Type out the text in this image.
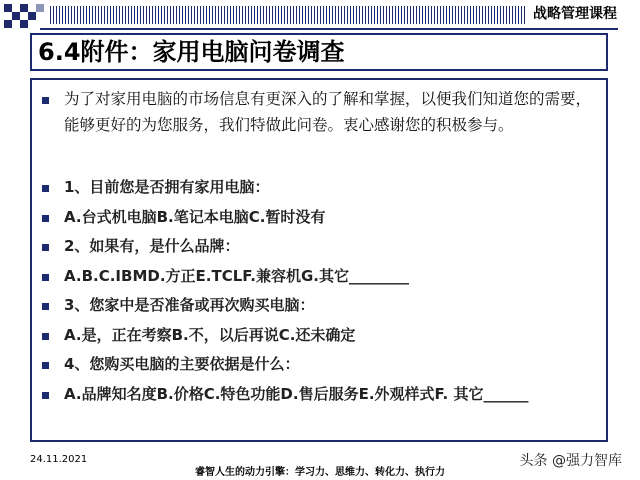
战略管理课程

6.4附件：家用电脑问卷调查
为了对家用电脑的市场信息有更深入的了解和掌握，以便我们知道您的需要，能够更好的为您服务，我们特做此问卷。衷心感谢您的积极参与。
1、目前您是否拥有家用电脑：
A.台式机电脑B.笔记本电脑C.暂时没有
2、如果有，是什么品牌：
A.B.C.IBMD.方正E.TCLF.兼容机G.其它________
3、您家中是否准备或再次购买电脑：
A.是，正在考察B.不，以后再说C.还未确定
4、您购买电脑的主要依据是什么：
A.品牌知名度B.价格C.特色功能D.售后服务E.外观样式F. 其它______
24.11.2021
睿智人生的动力引擎：学习力、思维力、转化力、执行力
头条 @强力智库
